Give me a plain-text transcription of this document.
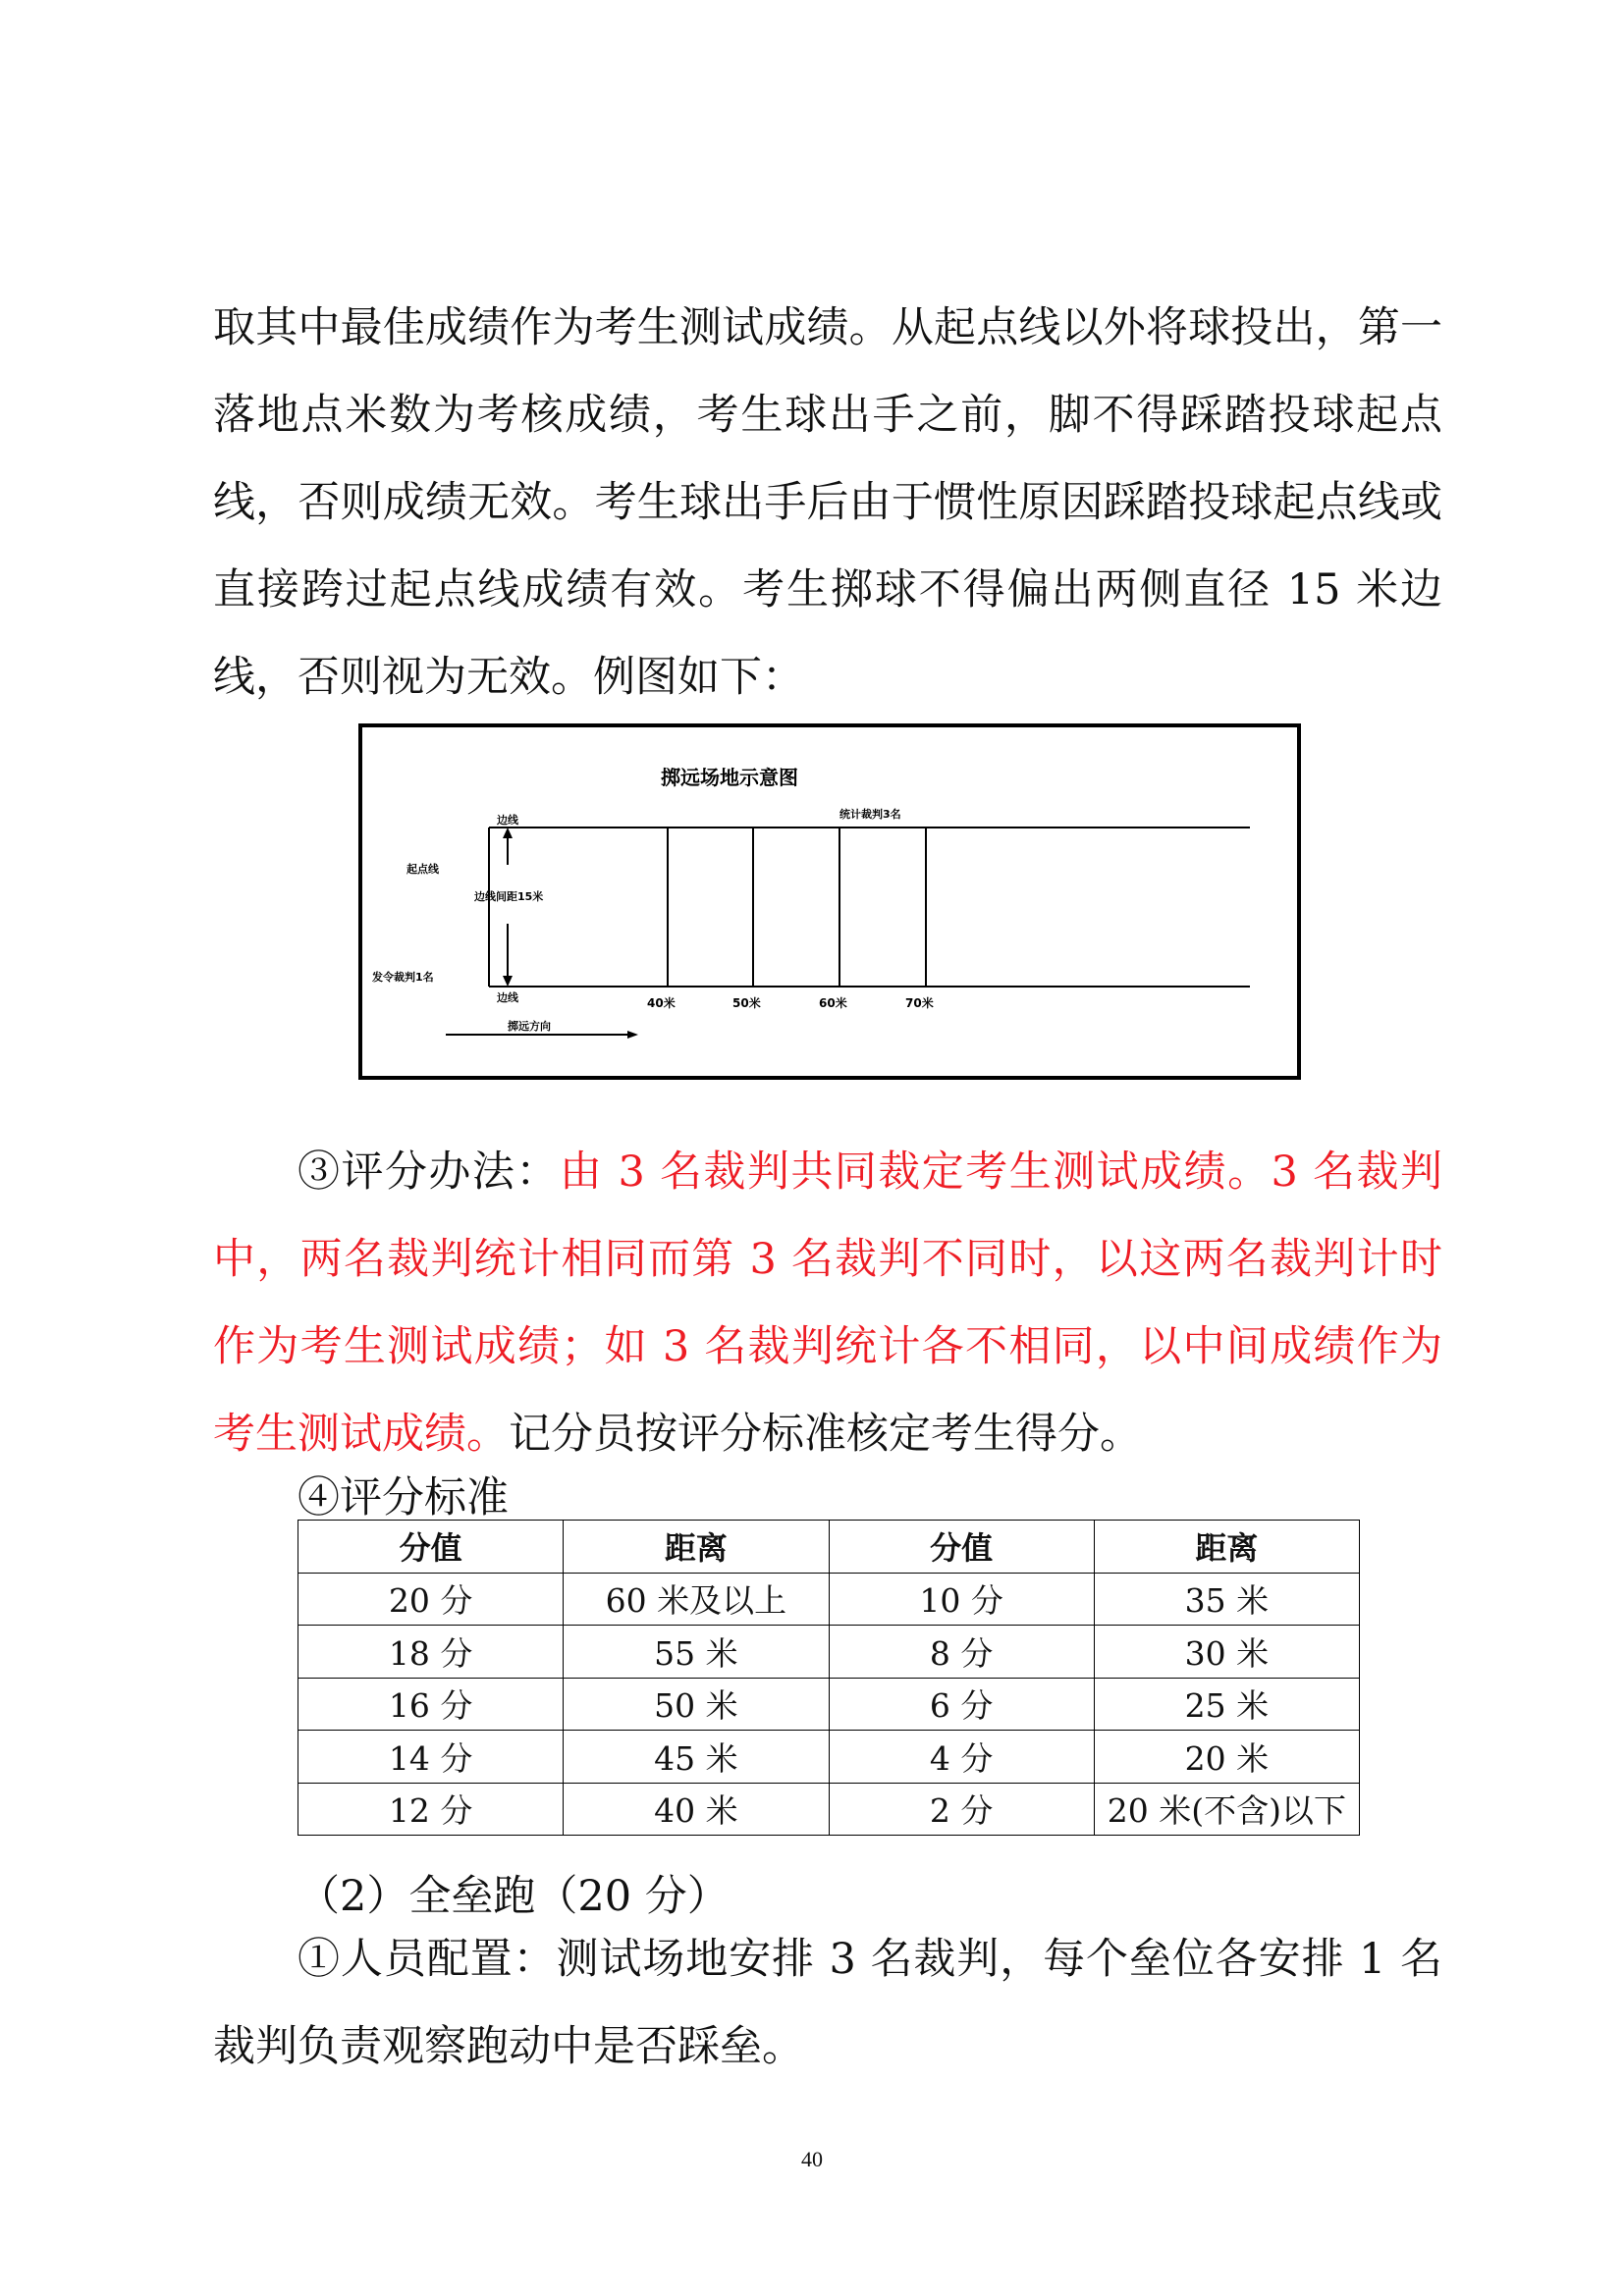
取其中最佳成绩作为考生测试成绩。从起点线以外将球投出，第一落地点米数为考核成绩，考生球出手之前，脚不得踩踏投球起点线，否则成绩无效。考生球出手后由于惯性原因踩踏投球起点线或直接跨过起点线成绩有效。考生掷球不得偏出两侧直径 15 米边线，否则视为无效。例图如下：

掷远场地示意图
边线
边线
边线间距15米
起点线
发令裁判1名
统计裁判3名
掷远方向
40米	50米	60米	70米

③评分办法：由 3 名裁判共同裁定考生测试成绩。3 名裁判中，两名裁判统计相同而第 3 名裁判不同时，以这两名裁判计时作为考生测试成绩；如 3 名裁判统计各不相同，以中间成绩作为考生测试成绩。记分员按评分标准核定考生得分。

④评分标准

分值	距离	分值	距离
20 分	60 米及以上	10 分	35 米
18 分	55 米	8 分	30 米
16 分	50 米	6 分	25 米
14 分	45 米	4 分	20 米
12 分	40 米	2 分	20 米(不含)以下

（2）全垒跑（20 分）

①人员配置：测试场地安排 3 名裁判，每个垒位各安排 1 名裁判负责观察跑动中是否踩垒。

40
